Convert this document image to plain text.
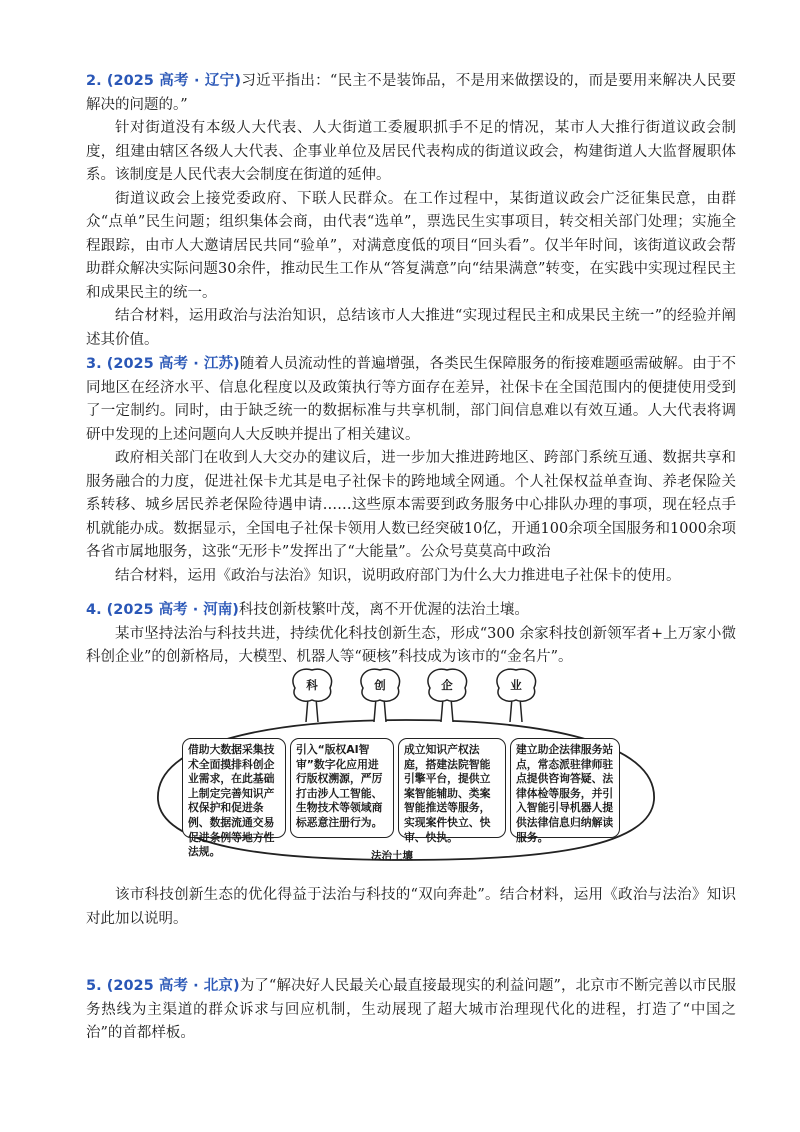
2. (2025 高考 · 辽宁)习近平指出：“民主不是装饰品，不是用来做摆设的，而是要用来解决人民要解决的问题的。”

针对街道没有本级人大代表、人大街道工委履职抓手不足的情况，某市人大推行街道议政会制度，组建由辖区各级人大代表、企事业单位及居民代表构成的街道议政会，构建街道人大监督履职体系。该制度是人民代表大会制度在街道的延伸。

街道议政会上接党委政府、下联人民群众。在工作过程中，某街道议政会广泛征集民意，由群众“点单”民生问题；组织集体会商，由代表“选单”，票选民生实事项目，转交相关部门处理；实施全程跟踪，由市人大邀请居民共同“验单”，对满意度低的项目“回头看”。仅半年时间，该街道议政会帮助群众解决实际问题30余件，推动民生工作从“答复满意”向“结果满意”转变，在实践中实现过程民主和成果民主的统一。

结合材料，运用政治与法治知识，总结该市人大推进“实现过程民主和成果民主统一”的经验并阐述其价值。

3. (2025 高考 · 江苏)随着人员流动性的普遍增强，各类民生保障服务的衔接难题亟需破解。由于不同地区在经济水平、信息化程度以及政策执行等方面存在差异，社保卡在全国范围内的便捷使用受到了一定制约。同时，由于缺乏统一的数据标准与共享机制，部门间信息难以有效互通。人大代表将调研中发现的上述问题向人大反映并提出了相关建议。

政府相关部门在收到人大交办的建议后，进一步加大推进跨地区、跨部门系统互通、数据共享和服务融合的力度，促进社保卡尤其是电子社保卡的跨地域全网通。个人社保权益单查询、养老保险关系转移、城乡居民养老保险待遇申请……这些原本需要到政务服务中心排队办理的事项，现在轻点手机就能办成。数据显示，全国电子社保卡领用人数已经突破10亿，开通100余项全国服务和1000余项各省市属地服务，这张“无形卡”发挥出了“大能量”。公众号莫莫高中政治

结合材料，运用《政治与法治》知识，说明政府部门为什么大力推进电子社保卡的使用。

4. (2025 高考 · 河南)科技创新枝繁叶茂，离不开优渥的法治土壤。

某市坚持法治与科技共进，持续优化科技创新生态，形成“300 余家科技创新领军者+上万家小微科创企业”的创新格局，大模型、机器人等“硬核”科技成为该市的“金名片”。

科	创	企	业
借助大数据采集技术全面摸排科创企业需求，在此基础上制定完善知识产权保护和促进条例、数据流通交易促进条例等地方性法规。
引入“版权AI智审”数字化应用进行版权溯源，严厉打击涉人工智能、生物技术等领域商标恶意注册行为。
成立知识产权法庭，搭建法院智能引擎平台，提供立案智能辅助、类案智能推送等服务，实现案件快立、快审、快执。
建立助企法律服务站点，常态派驻律师驻点提供咨询答疑、法律体检等服务，并引入智能引导机器人提供法律信息归纳解读服务。
法治土壤

该市科技创新生态的优化得益于法治与科技的“双向奔赴”。结合材料，运用《政治与法治》知识对此加以说明。

5. (2025 高考 · 北京)为了“解决好人民最关心最直接最现实的利益问题”，北京市不断完善以市民服务热线为主渠道的群众诉求与回应机制，生动展现了超大城市治理现代化的进程，打造了“中国之治”的首都样板。
